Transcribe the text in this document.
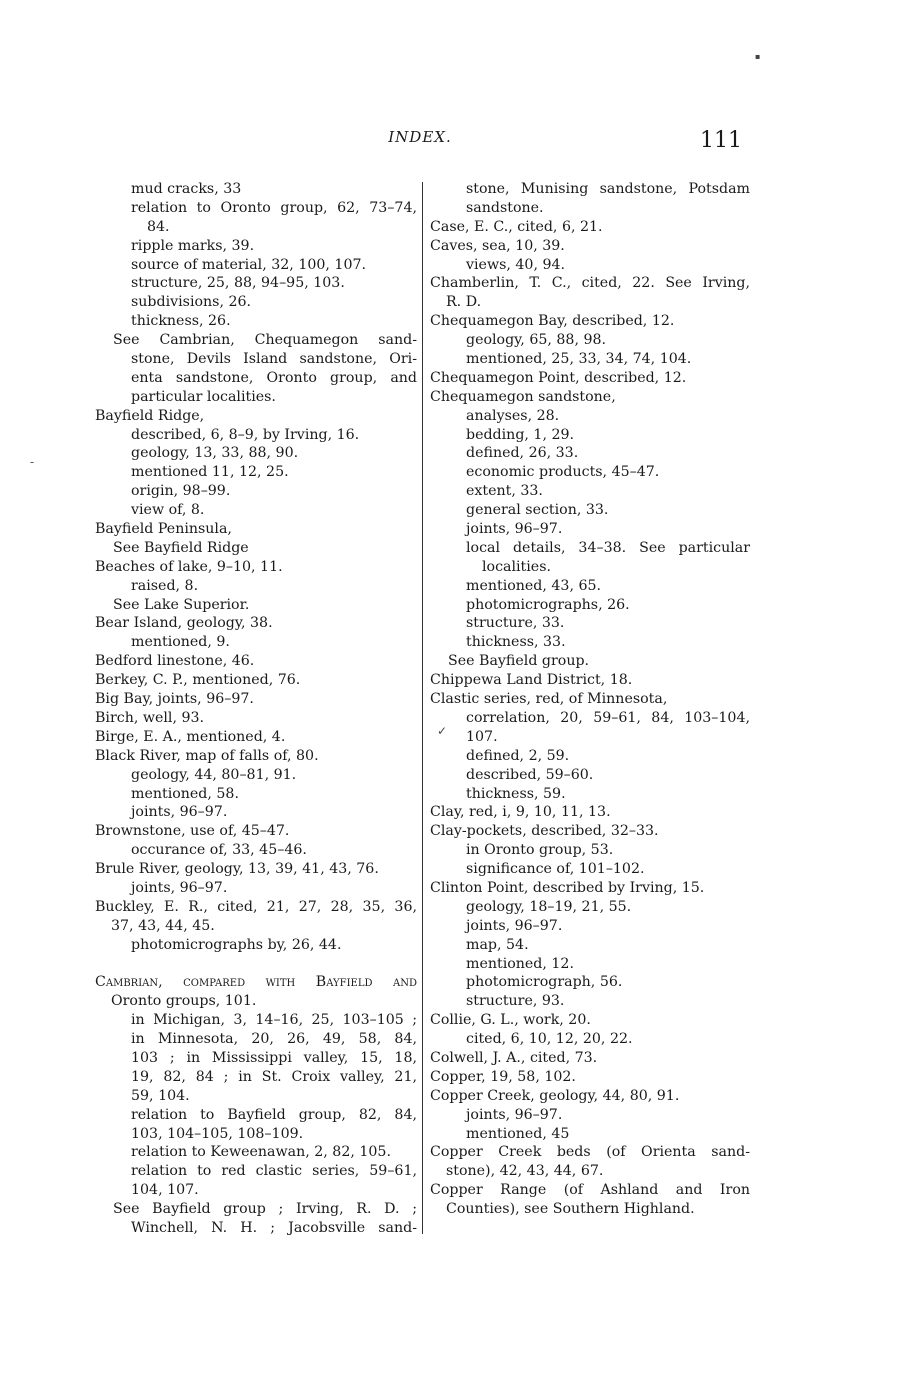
INDEX.	111
mud cracks, 33
relation to Oronto group, 62, 73–74,
84.
ripple marks, 39.
source of material, 32, 100, 107.
structure, 25, 88, 94–95, 103.
subdivisions, 26.
thickness, 26.
See Cambrian, Chequamegon sand-
stone, Devils Island sandstone, Ori-
enta sandstone, Oronto group, and
particular localities.
Bayfield Ridge,
described, 6, 8–9, by Irving, 16.
geology, 13, 33, 88, 90.
mentioned 11, 12, 25.
origin, 98–99.
view of, 8.
Bayfield Peninsula,
See Bayfield Ridge
Beaches of lake, 9–10, 11.
raised, 8.
See Lake Superior.
Bear Island, geology, 38.
mentioned, 9.
Bedford linestone, 46.
Berkey, C. P., mentioned, 76.
Big Bay, joints, 96–97.
Birch, well, 93.
Birge, E. A., mentioned, 4.
Black River, map of falls of, 80.
geology, 44, 80–81, 91.
mentioned, 58.
joints, 96–97.
Brownstone, use of, 45–47.
occurance of, 33, 45–46.
Brule River, geology, 13, 39, 41, 43, 76.
joints, 96–97.
Buckley, E. R., cited, 21, 27, 28, 35, 36,
37, 43, 44, 45.
photomicrographs by, 26, 44.
Cambrian, compared with Bayfield and
Oronto groups, 101.
in Michigan, 3, 14–16, 25, 103–105 ;
in Minnesota, 20, 26, 49, 58, 84,
103 ; in Mississippi valley, 15, 18,
19, 82, 84 ; in St. Croix valley, 21,
59, 104.
relation to Bayfield group, 82, 84,
103, 104–105, 108–109.
relation to Keweenawan, 2, 82, 105.
relation to red clastic series, 59–61,
104, 107.
See Bayfield group ; Irving, R. D. ;
Winchell, N. H. ; Jacobsville sand-
stone, Munising sandstone, Potsdam
sandstone.
Case, E. C., cited, 6, 21.
Caves, sea, 10, 39.
views, 40, 94.
Chamberlin, T. C., cited, 22. See Irving,
R. D.
Chequamegon Bay, described, 12.
geology, 65, 88, 98.
mentioned, 25, 33, 34, 74, 104.
Chequamegon Point, described, 12.
Chequamegon sandstone,
analyses, 28.
bedding, 1, 29.
defined, 26, 33.
economic products, 45–47.
extent, 33.
general section, 33.
joints, 96–97.
local details, 34–38. See particular
localities.
mentioned, 43, 65.
photomicrographs, 26.
structure, 33.
thickness, 33.
See Bayfield group.
Chippewa Land District, 18.
Clastic series, red, of Minnesota,
correlation, 20, 59–61, 84, 103–104,
107.
defined, 2, 59.
described, 59–60.
thickness, 59.
Clay, red, i, 9, 10, 11, 13.
Clay-pockets, described, 32–33.
in Oronto group, 53.
significance of, 101–102.
Clinton Point, described by Irving, 15.
geology, 18–19, 21, 55.
joints, 96–97.
map, 54.
mentioned, 12.
photomicrograph, 56.
structure, 93.
Collie, G. L., work, 20.
cited, 6, 10, 12, 20, 22.
Colwell, J. A., cited, 73.
Copper, 19, 58, 102.
Copper Creek, geology, 44, 80, 91.
joints, 96–97.
mentioned, 45
Copper Creek beds (of Orienta sand-
stone), 42, 43, 44, 67.
Copper Range (of Ashland and Iron
Counties), see Southern Highland.
-
✓
▪
